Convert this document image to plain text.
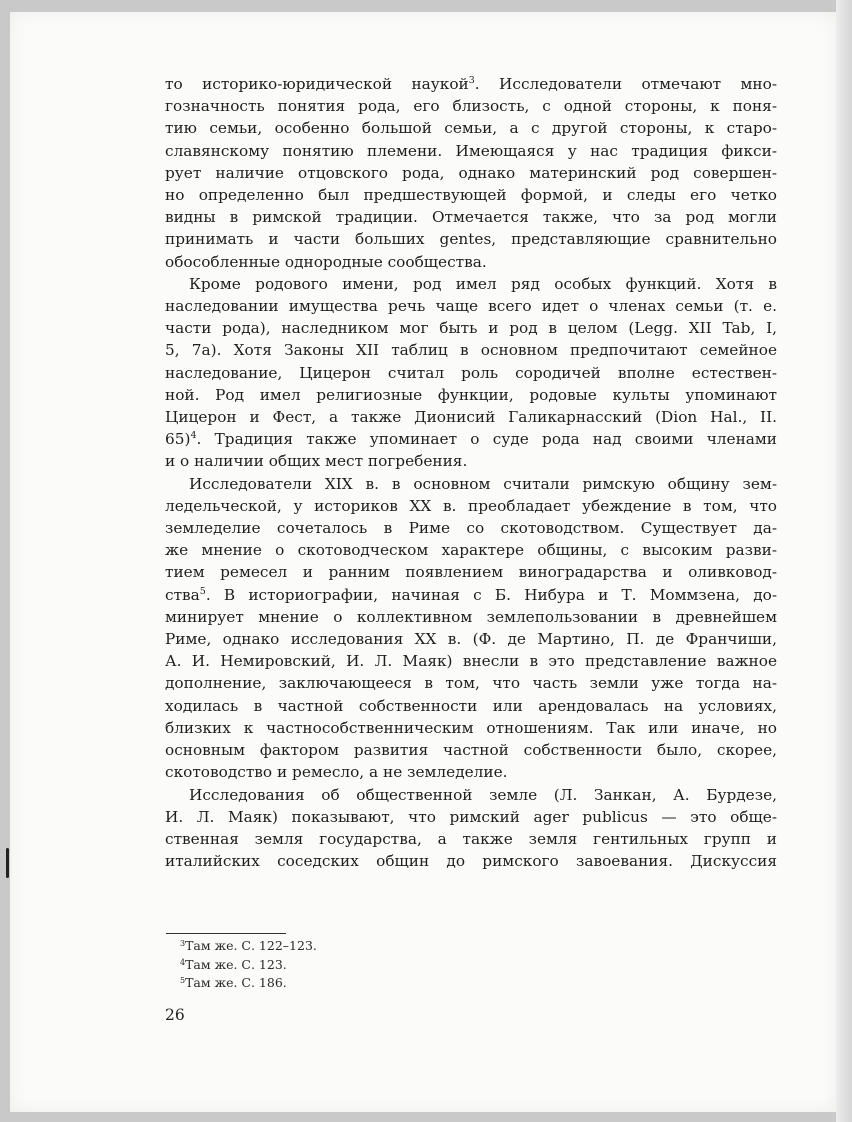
то историко-юридической наукой$^3$. Исследователи отмечают мно-

гозначность понятия рода, его близость, с одной стороны, к поня-

тию семьи, особенно большой семьи, а с другой стороны, к старо-

славянскому понятию племени. Имеющаяся у нас традиция фикси-

рует наличие отцовского рода, однако материнский род совершен-

но определенно был предшествующей формой, и следы его четко

видны в римской традиции. Отмечается также, что за род могли

принимать и части больших gentes, представляющие сравнительно

обособленные однородные сообщества.

Кроме родового имени, род имел ряд особых функций. Хотя в

наследовании имущества речь чаще всего идет о членах семьи (т. е.

части рода), наследником мог быть и род в целом (Legg. XII Tab, I,

5, 7a). Хотя Законы XII таблиц в основном предпочитают семейное

наследование, Цицерон считал роль сородичей вполне естествен-

ной. Род имел религиозные функции, родовые культы упоминают

Цицерон и Фест, а также Дионисий Галикарнасский (Dion Hal., II.

65)$^4$. Традиция также упоминает о суде рода над своими членами

и о наличии общих мест погребения.

Исследователи XIX в. в основном считали римскую общину зем-

ледельческой, у историков XX в. преобладает убеждение в том, что

земледелие сочеталось в Риме со скотоводством. Существует да-

же мнение о скотоводческом характере общины, с высоким разви-

тием ремесел и ранним появлением виноградарства и оливковод-

ства$^5$. В историографии, начиная с Б. Нибура и Т. Моммзена, до-

минирует мнение о коллективном землепользовании в древнейшем

Риме, однако исследования XX в. (Ф. де Мартино, П. де Франчиши,

А. И. Немировский, И. Л. Маяк) внесли в это представление важное

дополнение, заключающееся в том, что часть земли уже тогда на-

ходилась в частной собственности или арендовалась на условиях,

близких к частнособственническим отношениям. Так или иначе, но

основным фактором развития частной собственности было, скорее,

скотоводство и ремесло, а не земледелие.

Исследования об общественной земле (Л. Занкан, А. Бурдезе,

И. Л. Маяк) показывают, что римский ager publicus — это обще-

ственная земля государства, а также земля гентильных групп и

италийских соседских общин до римского завоевания. Дискуссия

$^3$Там же. С. 122–123.
$^4$Там же. С. 123.
$^5$Там же. С. 186.
26
